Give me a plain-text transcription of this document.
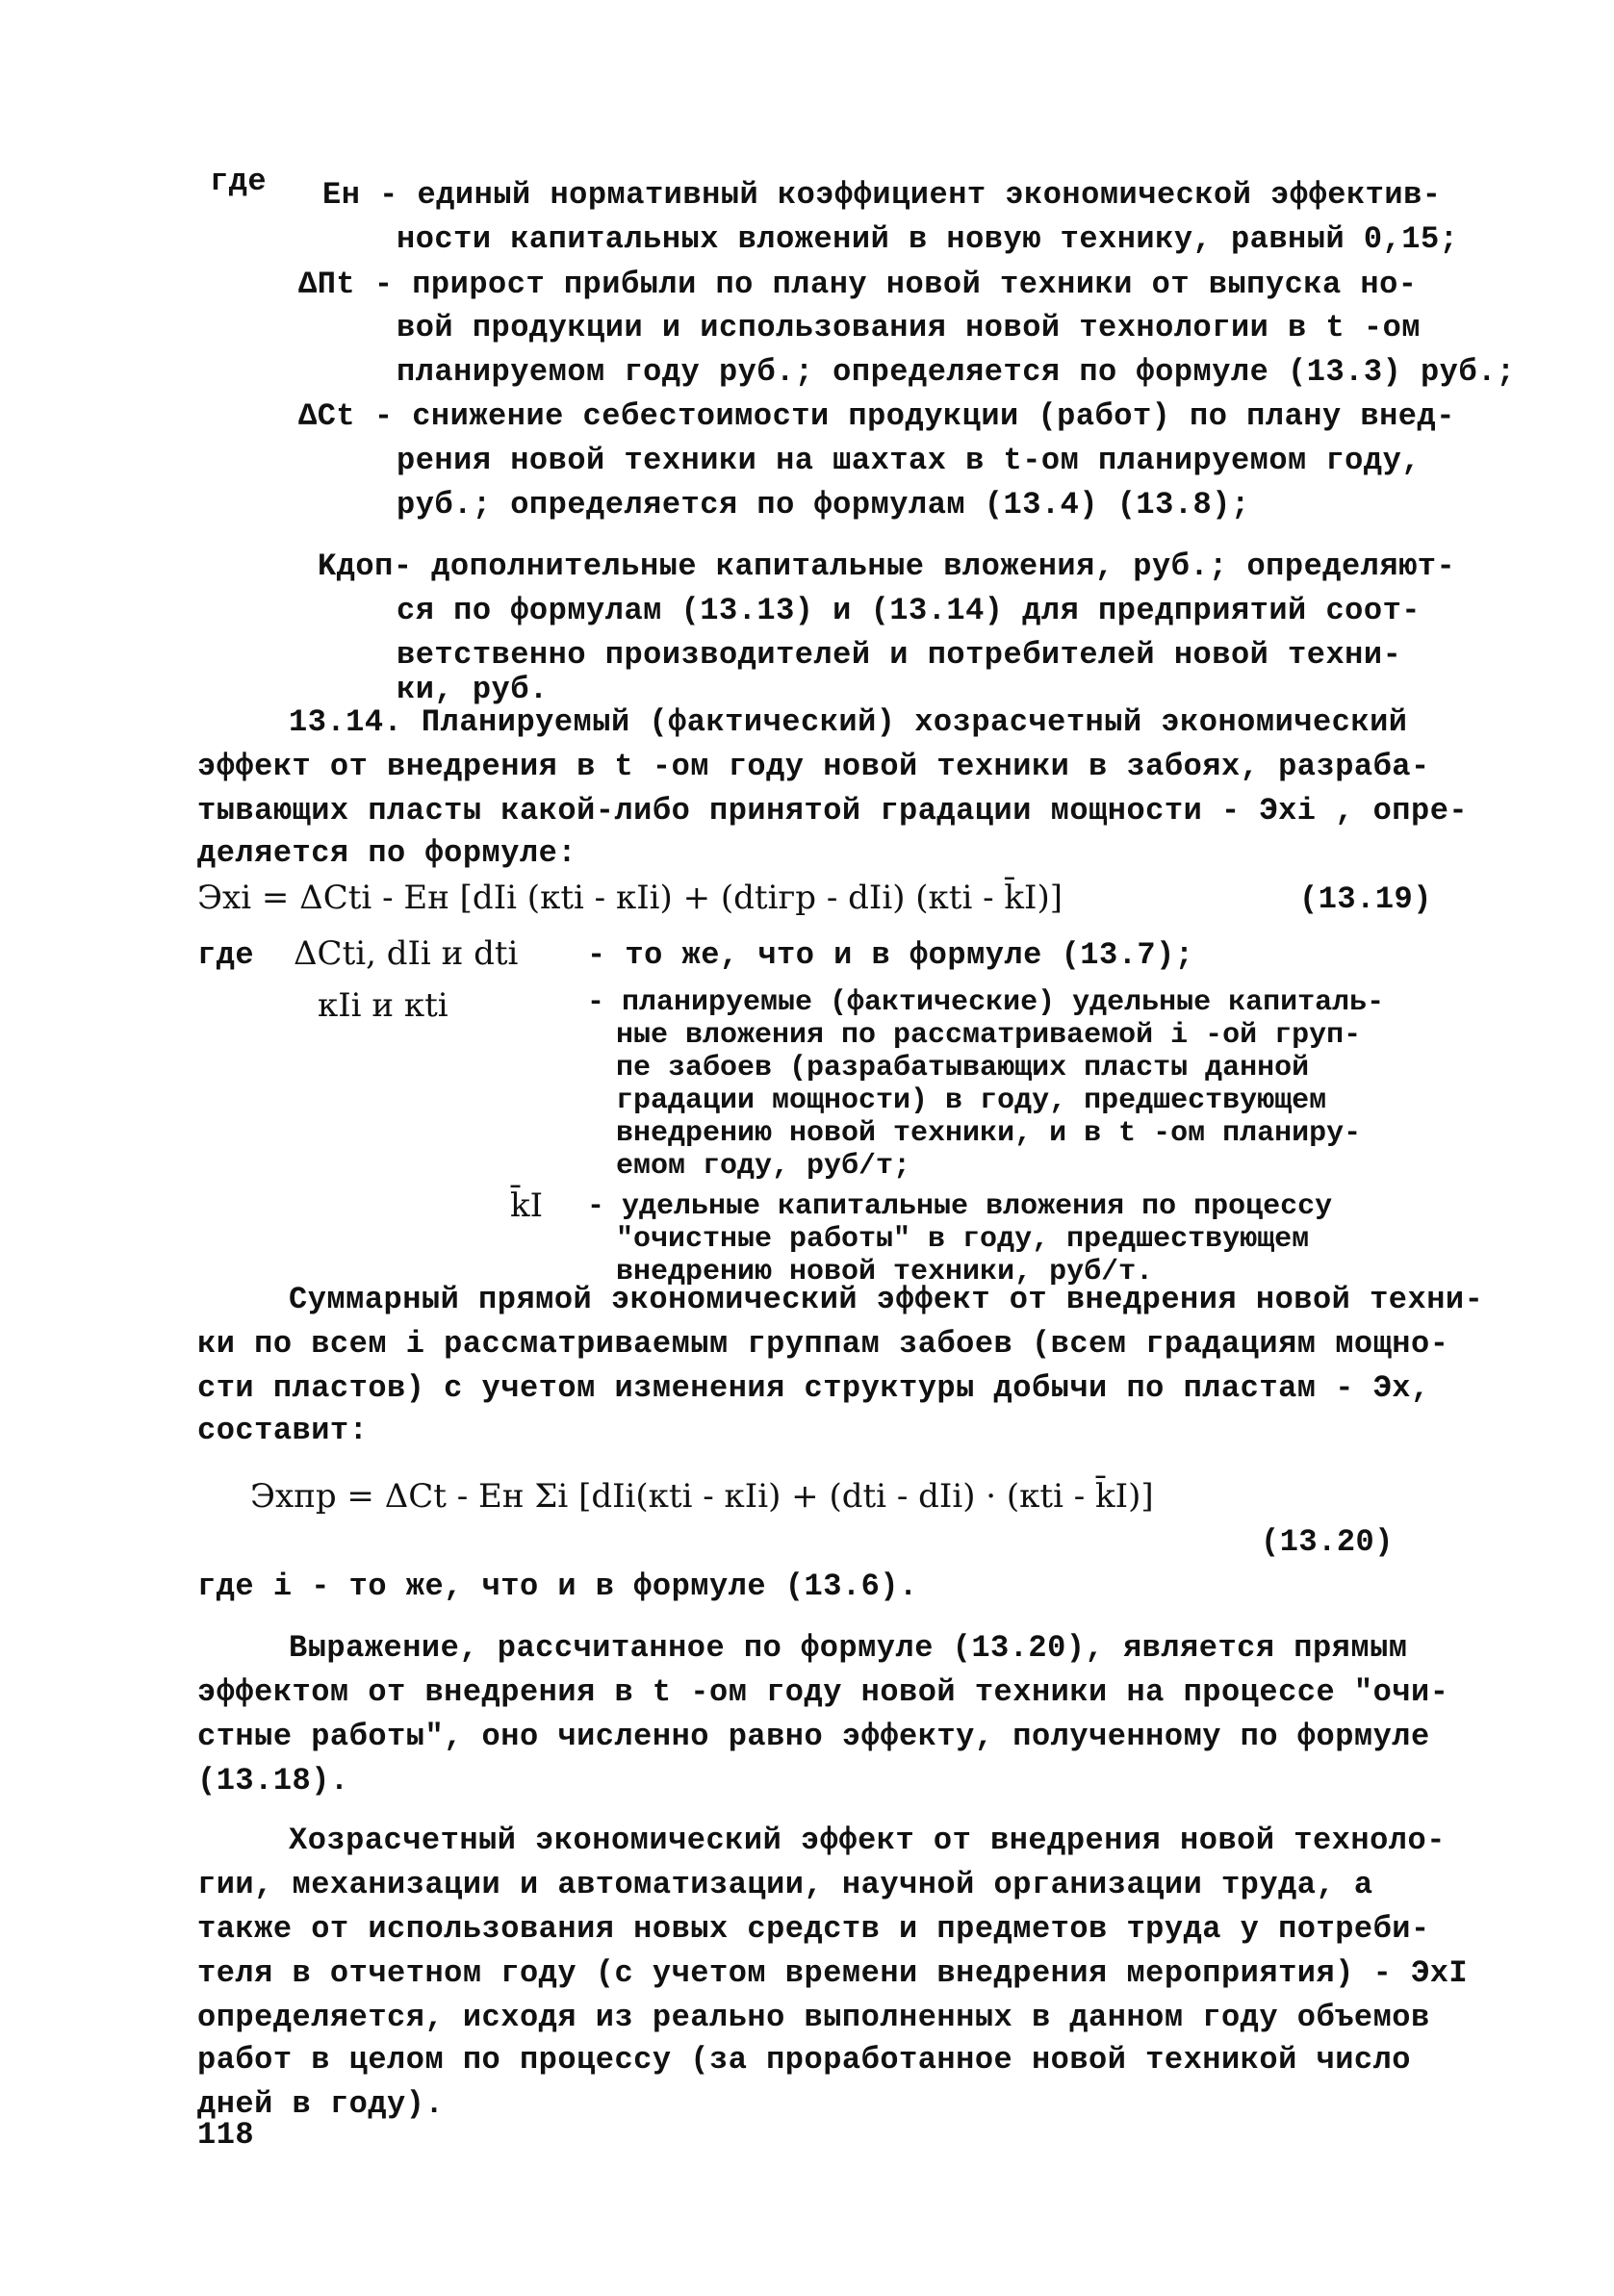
где Eн - единый нормативный коэффициент экономической эффектив-
ности капитальных вложений в новую технику, равный 0,15;
ΔПt - прирост прибыли по плану новой техники от выпуска но-
вой продукции и использования новой технологии в t -ом
планируемом году руб.; определяется по формуле (13.3) руб.;
ΔCt - снижение себестоимости продукции (работ) по плану внед-
рения новой техники на шахтах в t-ом планируемом году,
руб.; определяется по формулам (13.4) (13.8);
Kдоп- дополнительные капитальные вложения, руб.; определяют-
ся по формулам (13.13) и (13.14) для предприятий соот-
ветственно производителей и потребителей новой техни-
ки, руб.
13.14. Планируемый (фактический) хозрасчетный экономический
эффект от внедрения в t -ом году новой техники в забоях, разраба-
тывающих пласты какой-либо принятой градации мощности - Эxi , опре-
деляется по формуле:
Эxi = ΔCti - Eн [dIi (кti - кIi) + (dtiгр - dIi) (кti - k̄I)]	(13.19)
где ΔCti, dIi и dti - то же, что и в формуле (13.7);
кIi и кti	- планируемые (фактические) удельные капиталь-
ные вложения по рассматриваемой i -ой груп-
пе забоев (разрабатывающих пласты данной
градации мощности) в году, предшествующем
внедрению новой техники, и в t -ом планиру-
емом году, руб/т;
k̄I - удельные капитальные вложения по процессу
"очистные работы" в году, предшествующем
внедрению новой техники, руб/т.
Суммарный прямой экономический эффект от внедрения новой техни-
ки по всем i рассматриваемым группам забоев (всем градациям мощно-
сти пластов) с учетом изменения структуры добычи по пластам - Эx,
составит:
Эxпр = ΔCt - Eн Σi [dIi(кti - кIi) + (dti - dIi) · (кti - k̄I)]
(13.20)
где i - то же, что и в формуле (13.6).
Выражение, рассчитанное по формуле (13.20), является прямым
эффектом от внедрения в t -ом году новой техники на процессе "очи-
стные работы", оно численно равно эффекту, полученному по формуле
(13.18).
Хозрасчетный экономический эффект от внедрения новой техноло-
гии, механизации и автоматизации, научной организации труда, а
также от использования новых средств и предметов труда у потреби-
теля в отчетном году (с учетом времени внедрения мероприятия) - ЭxI
определяется, исходя из реально выполненных в данном году объемов
работ в целом по процессу (за проработанное новой техникой число
дней в году).
118
